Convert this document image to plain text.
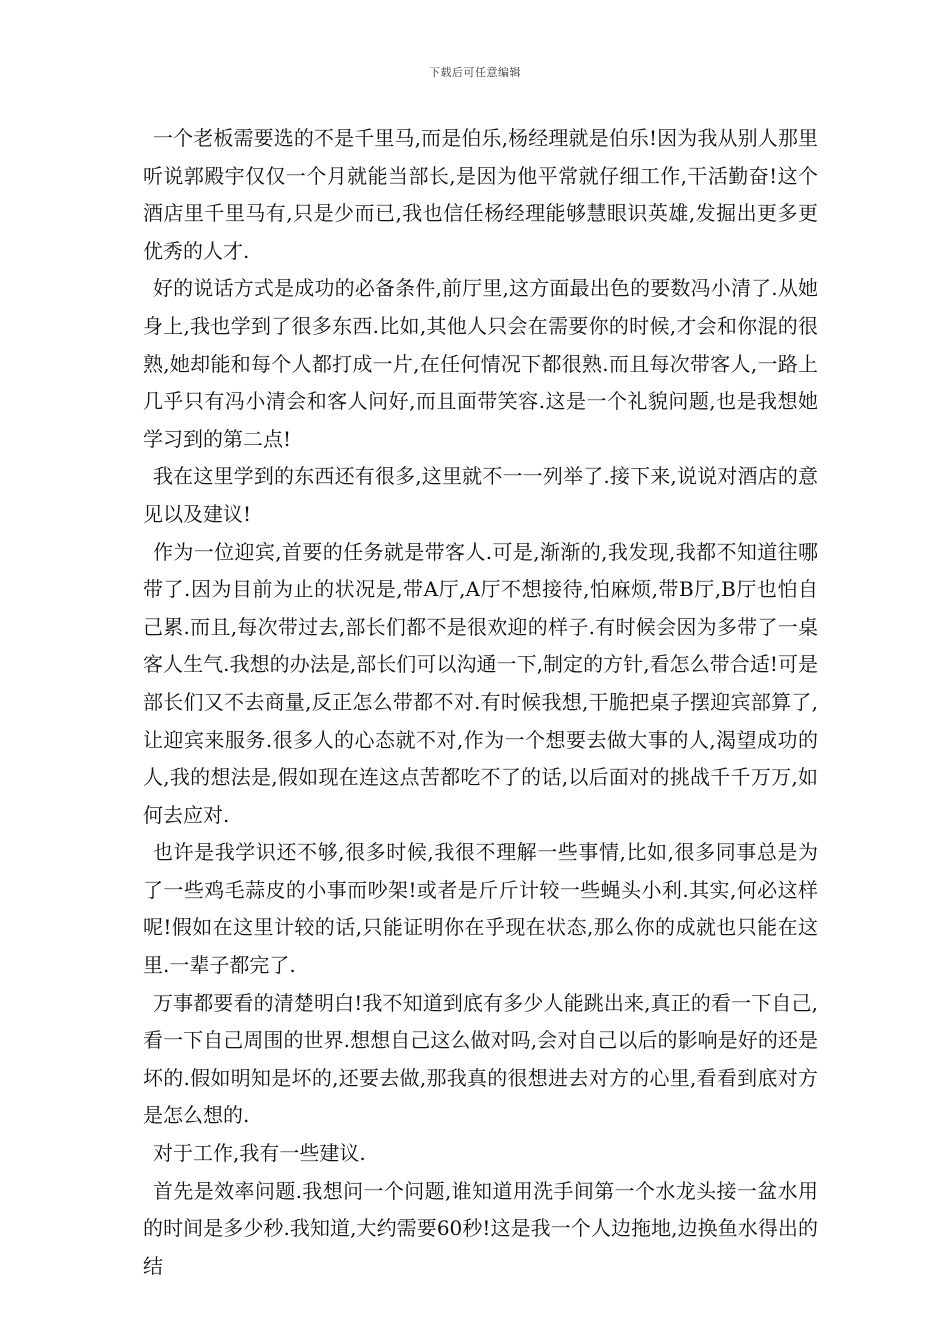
下载后可任意编辑

一个老板需要选的不是千里马,而是伯乐,杨经理就是伯乐!因为我从别人那里听说郭殿宇仅仅一个月就能当部长,是因为他平常就仔细工作,干活勤奋!这个酒店里千里马有,只是少而已,我也信任杨经理能够慧眼识英雄,发掘出更多更优秀的人才.

好的说话方式是成功的必备条件,前厅里,这方面最出色的要数冯小清了.从她身上,我也学到了很多东西.比如,其他人只会在需要你的时候,才会和你混的很熟,她却能和每个人都打成一片,在任何情况下都很熟.而且每次带客人,一路上几乎只有冯小清会和客人问好,而且面带笑容.这是一个礼貌问题,也是我想她学习到的第二点!

我在这里学到的东西还有很多,这里就不一一列举了.接下来,说说对酒店的意见以及建议!

作为一位迎宾,首要的任务就是带客人.可是,渐渐的,我发现,我都不知道往哪带了.因为目前为止的状况是,带A厅,A厅不想接待,怕麻烦,带B厅,B厅也怕自己累.而且,每次带过去,部长们都不是很欢迎的样子.有时候会因为多带了一桌客人生气.我想的办法是,部长们可以沟通一下,制定的方针,看怎么带合适!可是部长们又不去商量,反正怎么带都不对.有时候我想,干脆把桌子摆迎宾部算了,让迎宾来服务.很多人的心态就不对,作为一个想要去做大事的人,渴望成功的人,我的想法是,假如现在连这点苦都吃不了的话,以后面对的挑战千千万万,如何去应对.

也许是我学识还不够,很多时候,我很不理解一些事情,比如,很多同事总是为了一些鸡毛蒜皮的小事而吵架!或者是斤斤计较一些蝇头小利.其实,何必这样呢!假如在这里计较的话,只能证明你在乎现在状态,那么你的成就也只能在这里.一辈子都完了.

万事都要看的清楚明白!我不知道到底有多少人能跳出来,真正的看一下自己,看一下自己周围的世界.想想自己这么做对吗,会对自己以后的影响是好的还是坏的.假如明知是坏的,还要去做,那我真的很想进去对方的心里,看看到底对方是怎么想的.

对于工作,我有一些建议.

首先是效率问题.我想问一个问题,谁知道用洗手间第一个水龙头接一盆水用的时间是多少秒.我知道,大约需要60秒!这是我一个人边拖地,边换鱼水得出的结
